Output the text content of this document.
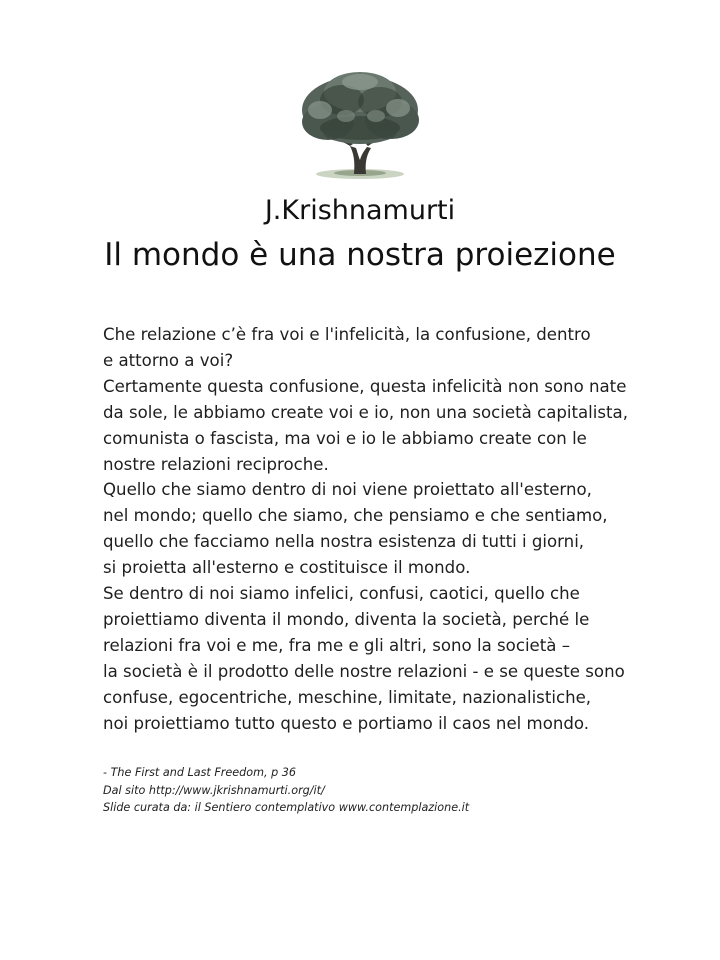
J.Krishnamurti
Il mondo è una nostra proiezione
Che relazione c’è fra voi e l'infelicità, la confusione, dentro
e attorno a voi?
Certamente questa confusione, questa infelicità non sono nate
da sole, le abbiamo create voi e io, non una società capitalista,
comunista o fascista, ma voi e io le abbiamo create con le
nostre relazioni reciproche.
Quello che siamo dentro di noi viene proiettato all'esterno,
nel mondo; quello che siamo, che pensiamo e che sentiamo,
quello che facciamo nella nostra esistenza di tutti i giorni,
si proietta all'esterno e costituisce il mondo.
Se dentro di noi siamo infelici, confusi, caotici, quello che
proiettiamo diventa il mondo, diventa la società, perché le
relazioni fra voi e me, fra me e gli altri, sono la società –
la società è il prodotto delle nostre relazioni - e se queste sono
confuse, egocentriche, meschine, limitate, nazionalistiche,
noi proiettiamo tutto questo e portiamo il caos nel mondo.
- The First and Last Freedom, p 36
Dal sito http://www.jkrishnamurti.org/it/
Slide curata da: il Sentiero contemplativo www.contemplazione.it
